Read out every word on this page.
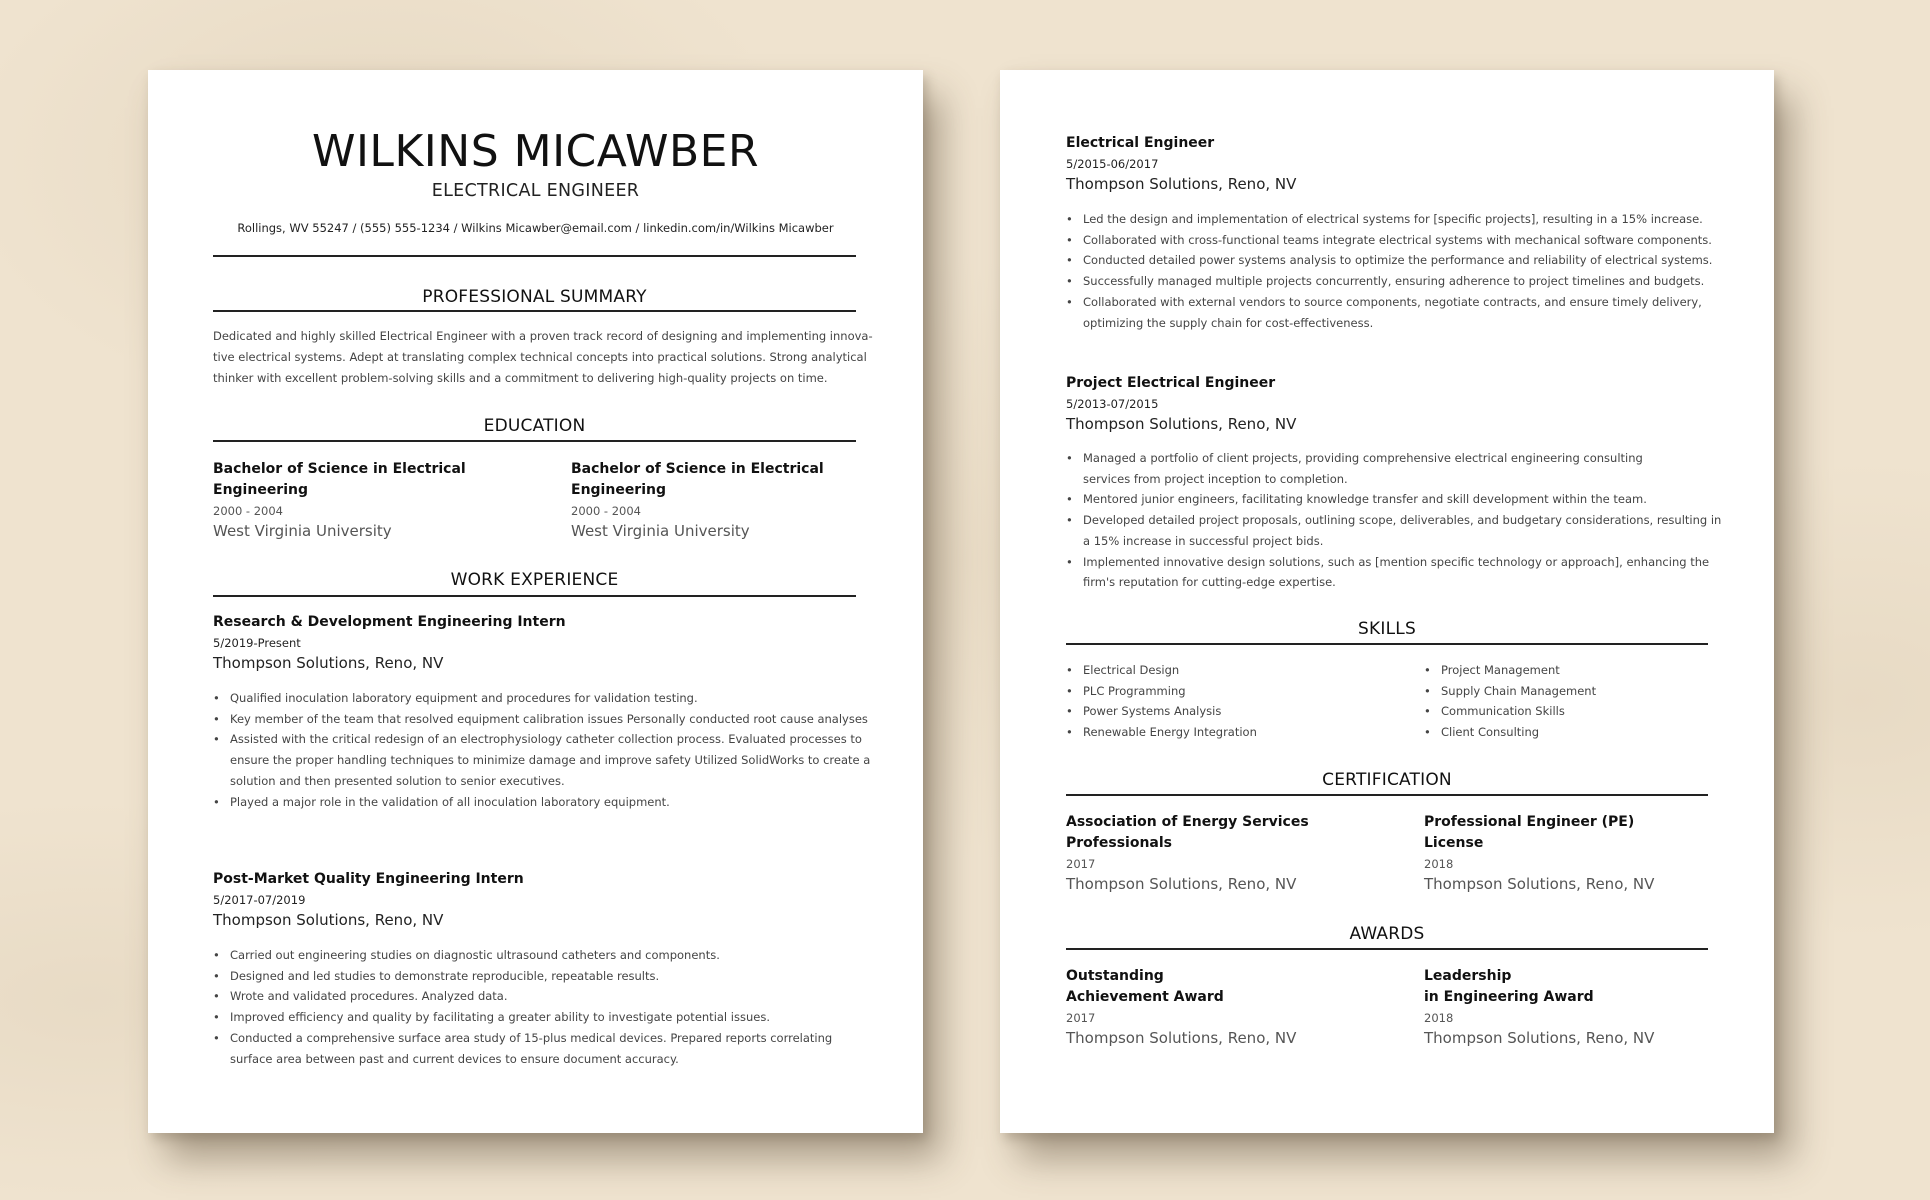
WILKINS MICAWBER
ELECTRICAL ENGINEER
Rollings, WV 55247 / (555) 555-1234 / Wilkins Micawber@email.com / linkedin.com/in/Wilkins Micawber
PROFESSIONAL SUMMARY
Dedicated and highly skilled Electrical Engineer with a proven track record of designing and implementing innova-
tive electrical systems. Adept at translating complex technical concepts into practical solutions. Strong analytical
thinker with excellent problem-solving skills and a commitment to delivering high-quality projects on time.
EDUCATION
Bachelor of Science in Electrical
Engineering
2000 - 2004
West Virginia University
Bachelor of Science in Electrical
Engineering
2000 - 2004
West Virginia University
WORK EXPERIENCE
Research & Development Engineering Intern
5/2019-Present
Thompson Solutions, Reno, NV
• Qualified inoculation laboratory equipment and procedures for validation testing.
• Key member of the team that resolved equipment calibration issues Personally conducted root cause analyses
• Assisted with the critical redesign of an electrophysiology catheter collection process. Evaluated processes to
ensure the proper handling techniques to minimize damage and improve safety Utilized SolidWorks to create a
solution and then presented solution to senior executives.
• Played a major role in the validation of all inoculation laboratory equipment.
Post-Market Quality Engineering Intern
5/2017-07/2019
Thompson Solutions, Reno, NV
• Carried out engineering studies on diagnostic ultrasound catheters and components.
• Designed and led studies to demonstrate reproducible, repeatable results.
• Wrote and validated procedures. Analyzed data.
• Improved efficiency and quality by facilitating a greater ability to investigate potential issues.
• Conducted a comprehensive surface area study of 15-plus medical devices. Prepared reports correlating
surface area between past and current devices to ensure document accuracy.
Electrical Engineer
5/2015-06/2017
Thompson Solutions, Reno, NV
• Led the design and implementation of electrical systems for [specific projects], resulting in a 15% increase.
• Collaborated with cross-functional teams integrate electrical systems with mechanical software components.
• Conducted detailed power systems analysis to optimize the performance and reliability of electrical systems.
• Successfully managed multiple projects concurrently, ensuring adherence to project timelines and budgets.
• Collaborated with external vendors to source components, negotiate contracts, and ensure timely delivery,
optimizing the supply chain for cost-effectiveness.
Project Electrical Engineer
5/2013-07/2015
Thompson Solutions, Reno, NV
• Managed a portfolio of client projects, providing comprehensive electrical engineering consulting
services from project inception to completion.
• Mentored junior engineers, facilitating knowledge transfer and skill development within the team.
• Developed detailed project proposals, outlining scope, deliverables, and budgetary considerations, resulting in
a 15% increase in successful project bids.
• Implemented innovative design solutions, such as [mention specific technology or approach], enhancing the
firm's reputation for cutting-edge expertise.
SKILLS
• Electrical Design
• PLC Programming
• Power Systems Analysis
• Renewable Energy Integration
• Project Management
• Supply Chain Management
• Communication Skills
• Client Consulting
CERTIFICATION
Association of Energy Services
Professionals
2017
Thompson Solutions, Reno, NV
Professional Engineer (PE)
License
2018
Thompson Solutions, Reno, NV
AWARDS
Outstanding
Achievement Award
2017
Thompson Solutions, Reno, NV
Leadership
in Engineering Award
2018
Thompson Solutions, Reno, NV
